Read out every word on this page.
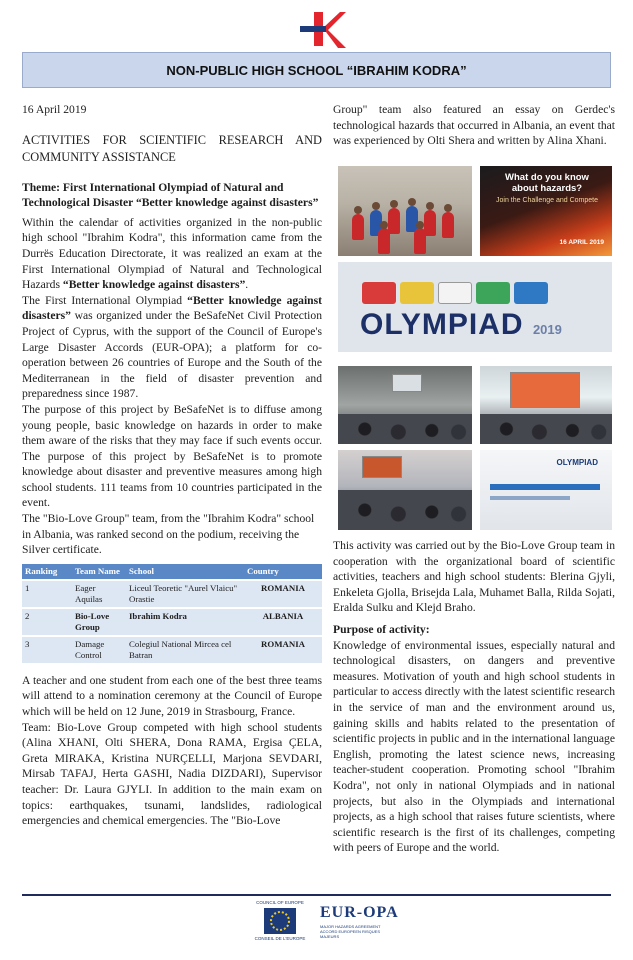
NON-PUBLIC HIGH SCHOOL “IBRAHIM KODRA”
16 April 2019
ACTIVITIES FOR SCIENTIFIC RESEARCH AND COMMUNITY ASSISTANCE
Theme: First International Olympiad of Natural and Technological Disaster “Better knowledge against disasters”

Within the calendar of activities organized in the non-public high school "Ibrahim Kodra", this information came from the Durrës Education Directorate, it was realized an exam at the First International Olympiad of Natural and Technological Hazards “Better knowledge against disasters”.

The First International Olympiad “Better knowledge against disasters” was organized under the BeSafeNet Civil Protection Project of Cyprus, with the support of the Council of Europe's Large Disaster Accords (EUR-OPA); a platform for co-operation between 26 countries of Europe and the South of the Mediterranean in the field of disaster prevention and preparedness since 1987.

The purpose of this project by BeSafeNet is to diffuse among young people, basic knowledge on hazards in order to make them aware of the risks that they may face if such events occur. The purpose of this project by BeSafeNet is to promote knowledge about disaster and preventive measures among high school students. 111 teams from 10 countries participated in the event.

The "Bio-Love Group" team, from the "Ibrahim Kodra" school in Albania, was ranked second on the podium, receiving the Silver certificate.

Ranking	Team Name	School	Country
1	Eager Aquilas	Liceul Teoretic "Aurel Vlaicu" Orastie	ROMANIA
2	Bio-Love Group	Ibrahim Kodra	ALBANIA
3	Damage Control	Colegiul National Mircea cel Batran	ROMANIA

A teacher and one student from each one of the best three teams will attend to a nomination ceremony at the Council of Europe which will be held on 12 June, 2019 in Strasbourg, France.

Team: Bio-Love Group competed with high school students (Alina XHANI, Olti SHERA, Dona RAMA, Ergisa ÇELA, Greta MIRAKA, Kristina NURÇELLI, Marjona SEVDARI, Mirsab TAFAJ, Herta GASHI, Nadia DIZDARI), Supervisor teacher: Dr. Laura GJYLI. In addition to the main exam on topics: earthquakes, tsunami, landslides, radiological emergencies and chemical emergencies. The "Bio-Love

Group" team also featured an essay on Gerdec's technological hazards that occurred in Albania, an event that was experienced by Olti Shera and written by Alina Xhani.

What do you know about hazards?
Join the Challenge and Compete
16 APRIL 2019
OLYMPIAD 2019
OLYMPIAD

This activity was carried out by the Bio-Love Group team in cooperation with the organizational board of scientific activities, teachers and high school students: Blerina Gjyli, Enkeleta Gjolla, Brisejda Lala, Muhamet Balla, Rilda Sojati, Eralda Sulku and Klejd Braho.

Purpose of activity:

Knowledge of environmental issues, especially natural and technological disasters, on dangers and preventive measures. Motivation of youth and high school students in particular to access directly with the latest scientific research in the service of man and the environment around us, gaining skills and habits related to the presentation of scientific projects in public and in the international language English, promoting the latest science news, increasing teacher-student cooperation. Promoting school "Ibrahim Kodra", not only in national Olympiads and in national projects, but also in the Olympiads and international projects, as a high school that raises future scientists, where scientific research is the first of its challenges, competing with peers of Europe and the world.

COUNCIL OF EUROPE
CONSEIL DE L'EUROPE
EUR-OPA
MAJOR HAZARDS AGREEMENT ACCORD EUROPEEN RISQUES MAJEURS
